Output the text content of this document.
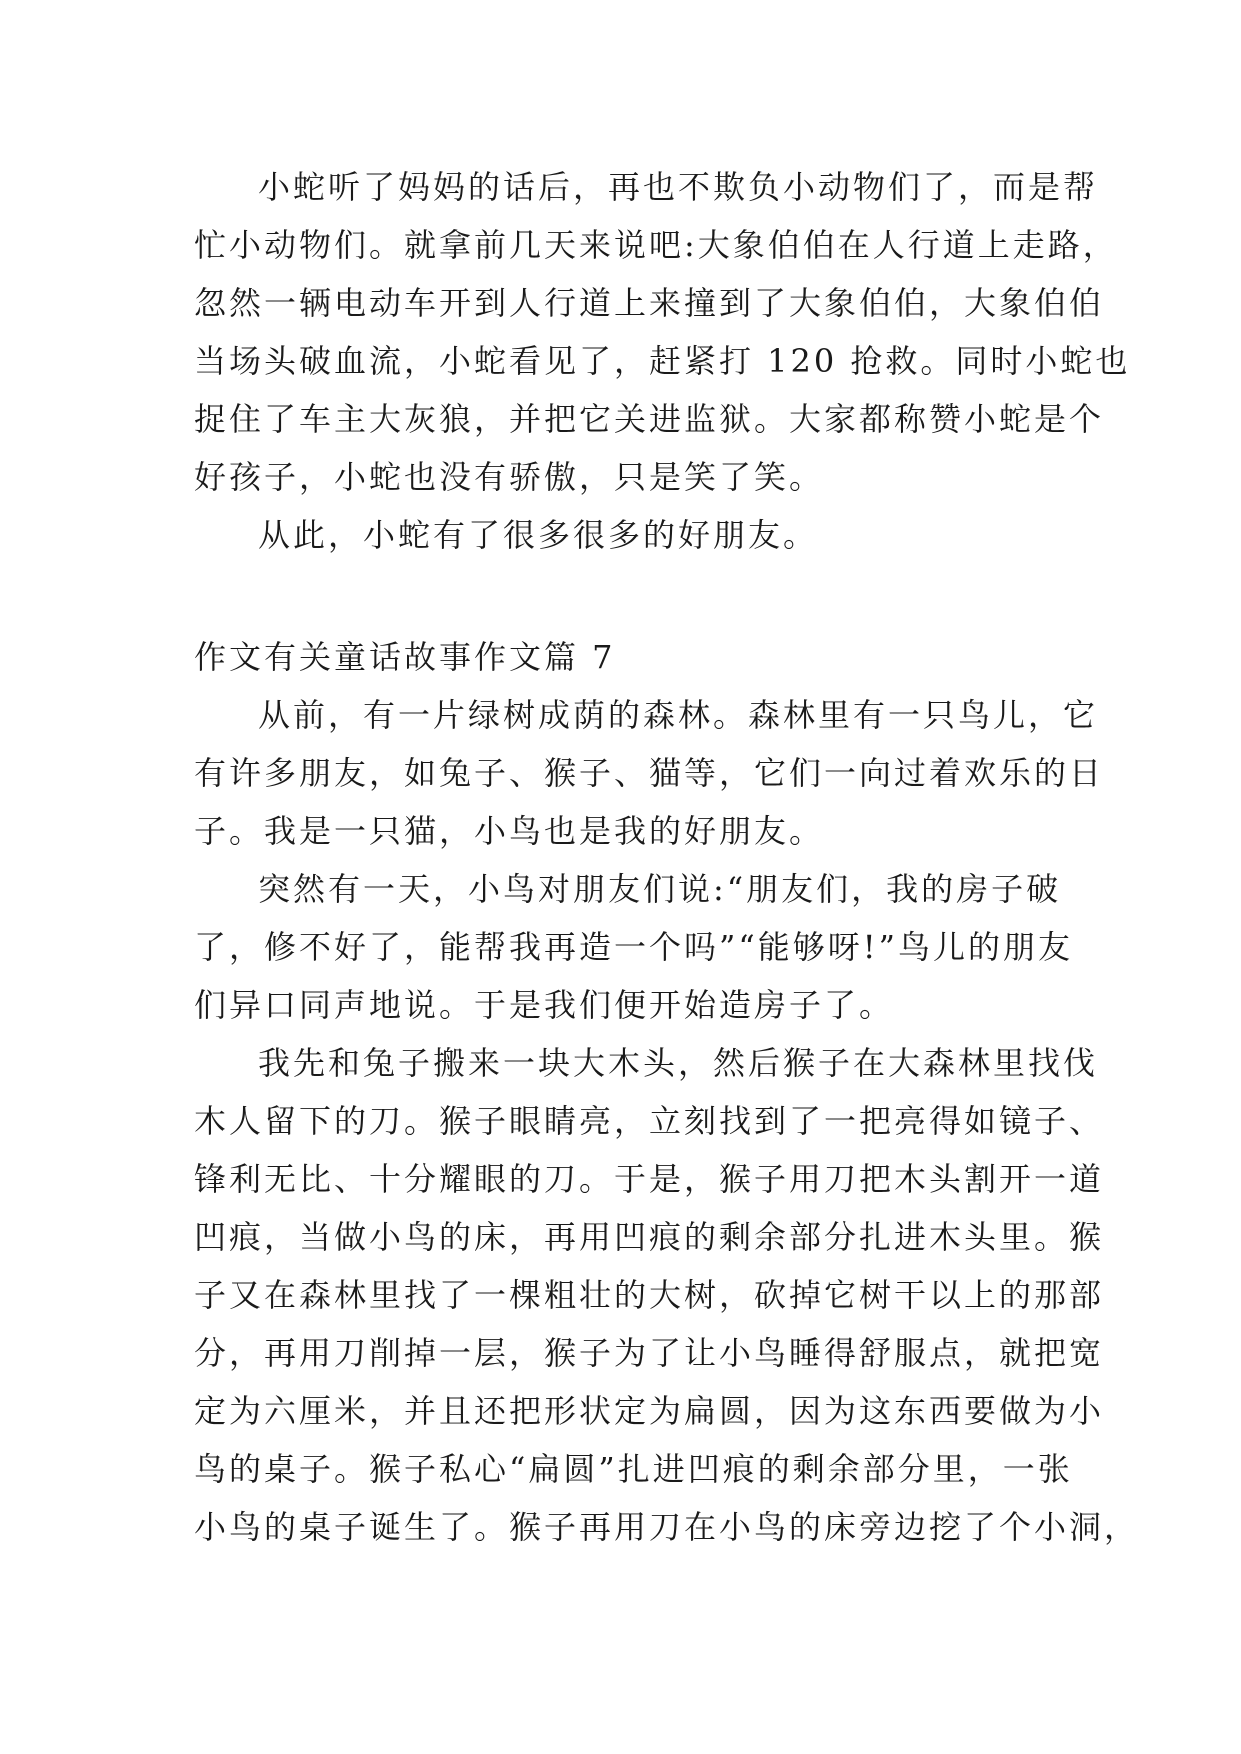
小蛇听了妈妈的话后，再也不欺负小动物们了，而是帮
忙小动物们。就拿前几天来说吧:大象伯伯在人行道上走路，
忽然一辆电动车开到人行道上来撞到了大象伯伯，大象伯伯
当场头破血流，小蛇看见了，赶紧打 120 抢救。同时小蛇也
捉住了车主大灰狼，并把它关进监狱。大家都称赞小蛇是个
好孩子，小蛇也没有骄傲，只是笑了笑。
从此，小蛇有了很多很多的好朋友。
作文有关童话故事作文篇 7
从前，有一片绿树成荫的森林。森林里有一只鸟儿，它
有许多朋友，如兔子、猴子、猫等，它们一向过着欢乐的日
子。我是一只猫，小鸟也是我的好朋友。
突然有一天，小鸟对朋友们说:“朋友们，我的房子破
了，修不好了，能帮我再造一个吗”“能够呀!”鸟儿的朋友
们异口同声地说。于是我们便开始造房子了。
我先和兔子搬来一块大木头，然后猴子在大森林里找伐
木人留下的刀。猴子眼睛亮，立刻找到了一把亮得如镜子、
锋利无比、十分耀眼的刀。于是，猴子用刀把木头割开一道
凹痕，当做小鸟的床，再用凹痕的剩余部分扎进木头里。猴
子又在森林里找了一棵粗壮的大树，砍掉它树干以上的那部
分，再用刀削掉一层，猴子为了让小鸟睡得舒服点，就把宽
定为六厘米，并且还把形状定为扁圆，因为这东西要做为小
鸟的桌子。猴子私心“扁圆”扎进凹痕的剩余部分里，一张
小鸟的桌子诞生了。猴子再用刀在小鸟的床旁边挖了个小洞，
